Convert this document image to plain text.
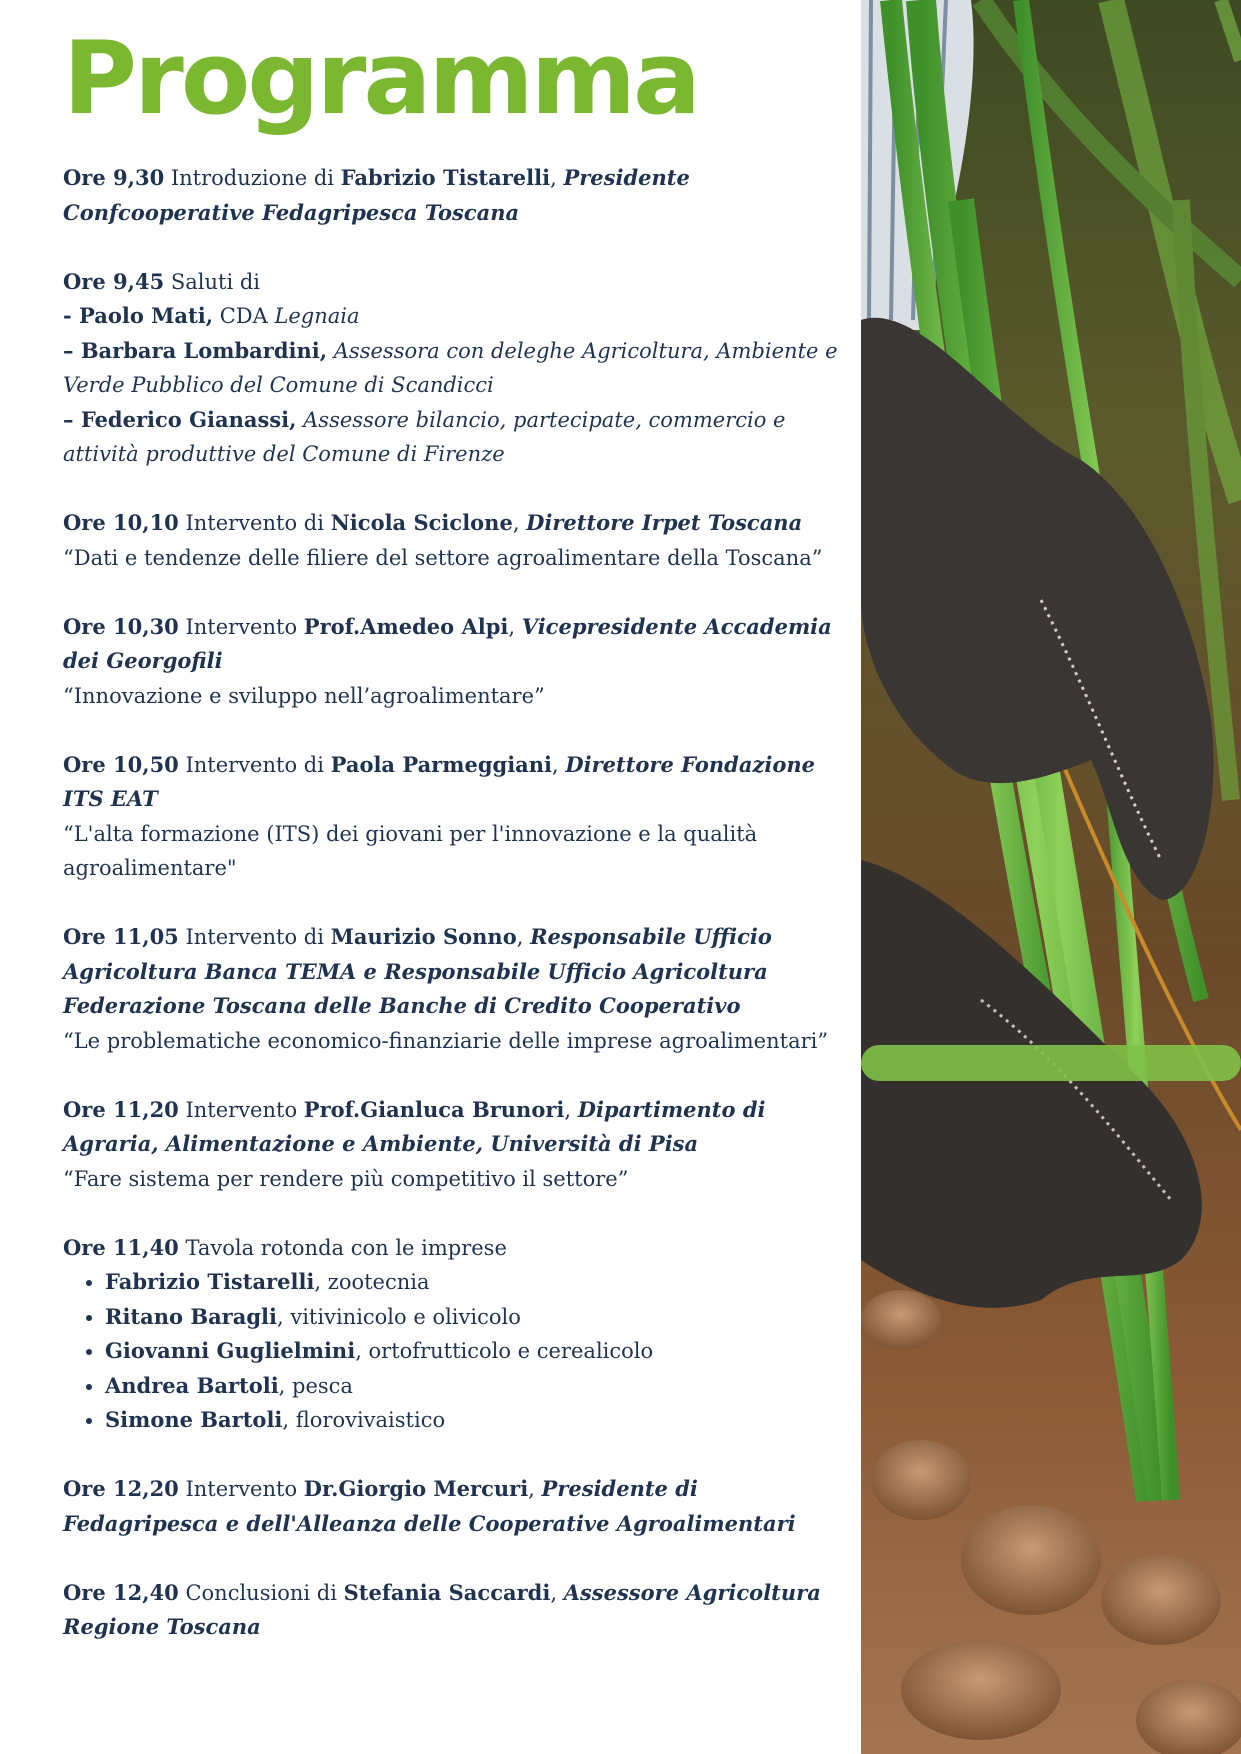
Programma

Ore 9,30 Introduzione di Fabrizio Tistarelli, Presidente Confcooperative Fedagripesca Toscana

Ore 9,45 Saluti di

- Paolo Mati, CDA Legnaia

– Barbara Lombardini, Assessora con deleghe Agricoltura, Ambiente e Verde Pubblico del Comune di Scandicci

– Federico Gianassi, Assessore bilancio, partecipate, commercio e attività produttive del Comune di Firenze

Ore 10,10 Intervento di Nicola Sciclone, Direttore Irpet Toscana

“Dati e tendenze delle filiere del settore agroalimentare della Toscana”

Ore 10,30 Intervento Prof.Amedeo Alpi, Vicepresidente Accademia dei Georgofili

“Innovazione e sviluppo nell’agroalimentare”

Ore 10,50 Intervento di Paola Parmeggiani, Direttore Fondazione ITS EAT

“L'alta formazione (ITS) dei giovani per l'innovazione e la qualità agroalimentare"

Ore 11,05 Intervento di Maurizio Sonno, Responsabile Ufficio Agricoltura Banca TEMA e Responsabile Ufficio Agricoltura Federazione Toscana delle Banche di Credito Cooperativo

“Le problematiche economico-finanziarie delle imprese agroalimentari”

Ore 11,20 Intervento Prof.Gianluca Brunori, Dipartimento di Agraria, Alimentazione e Ambiente, Università di Pisa

“Fare sistema per rendere più competitivo il settore”

Ore 11,40 Tavola rotonda con le imprese

• Fabrizio Tistarelli, zootecnia
• Ritano Baragli, vitivinicolo e olivicolo
• Giovanni Guglielmini, ortofrutticolo e cerealicolo
• Andrea Bartoli, pesca
• Simone Bartoli, florovivaistico

Ore 12,20 Intervento Dr.Giorgio Mercuri, Presidente di Fedagripesca e dell'Alleanza delle Cooperative Agroalimentari

Ore 12,40 Conclusioni di Stefania Saccardi, Assessore Agricoltura Regione Toscana
